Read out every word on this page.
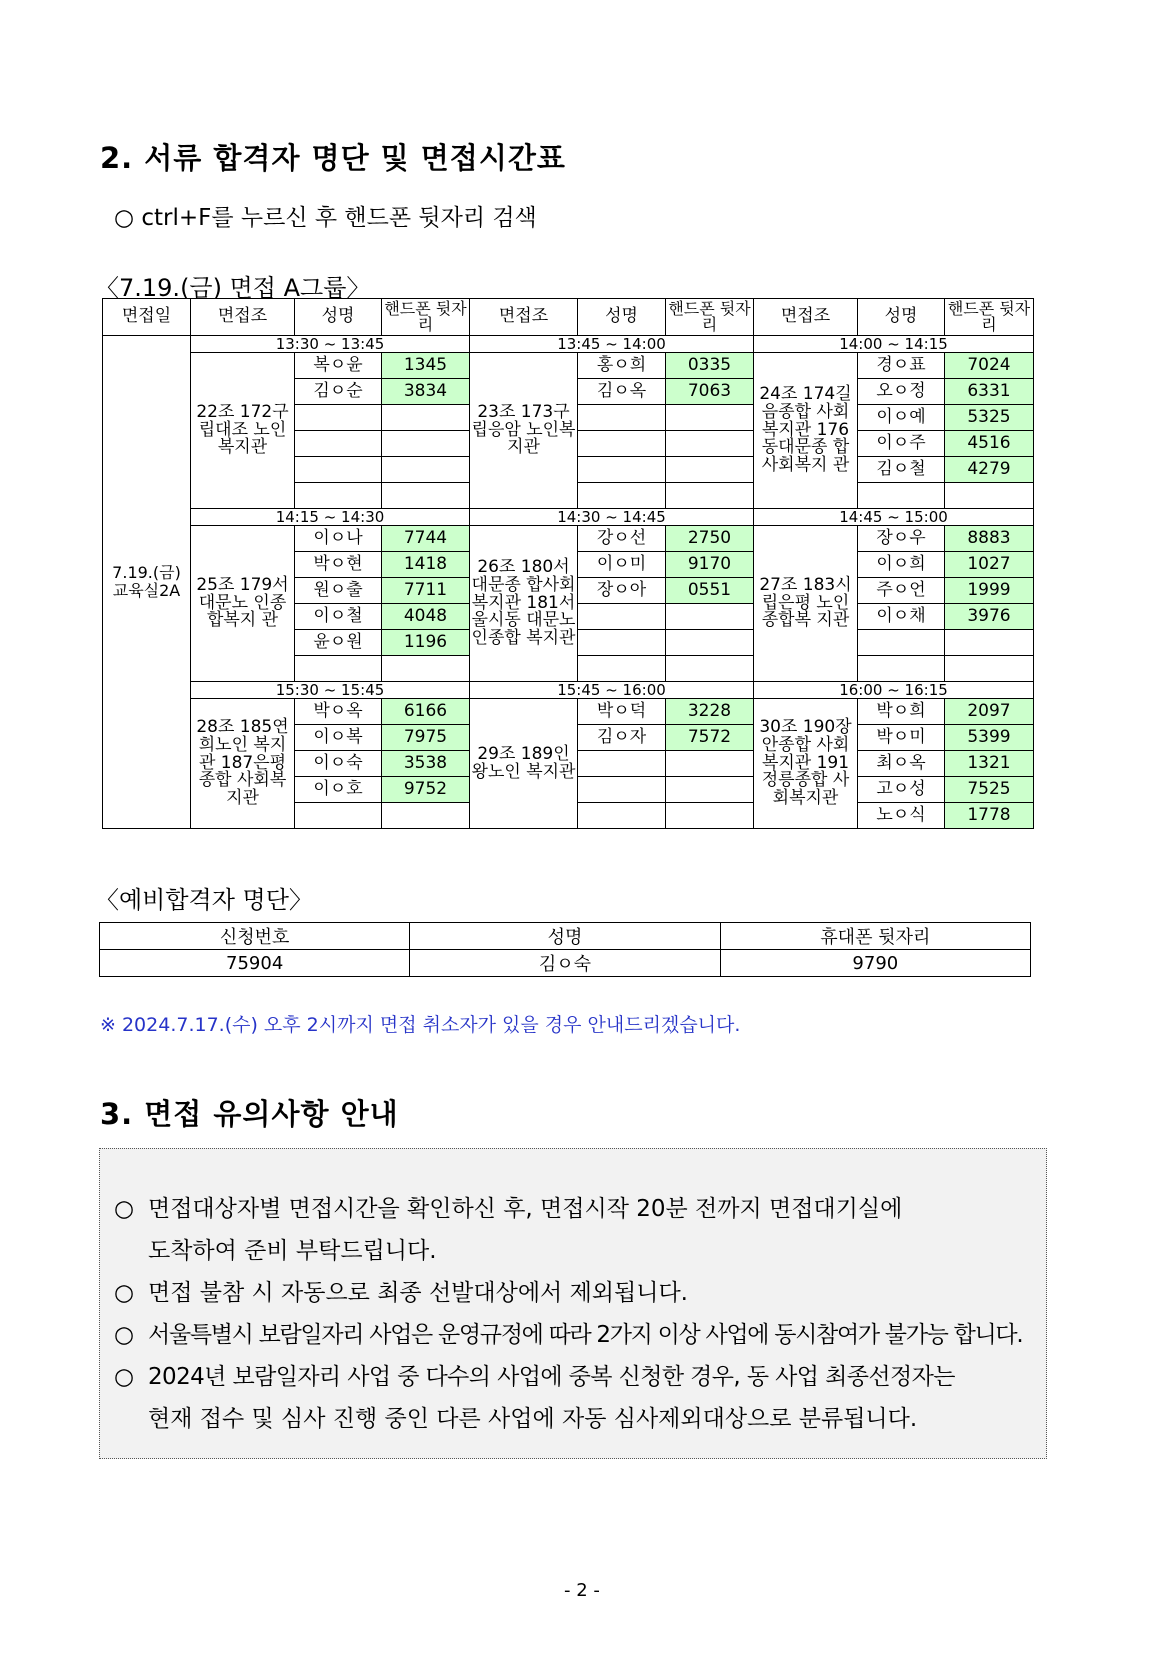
2. 서류 합격자 명단 및 면접시간표
○ ctrl+F를 누르신 후 핸드폰 뒷자리 검색
〈7.19.(금) 면접 A그룹〉
면접일	면접조	성명	핸드폰 뒷자리	면접조	성명	핸드폰 뒷자리	면접조	성명	핸드폰 뒷자리
7.19.(금) 교육실2A	13:30 ~ 13:45			13:45 ~ 14:00			14:00 ~ 14:15		
	22조 172구립대조 노인복지관	복ㅇ윤	1345	23조 173구립응암 노인복지관	홍ㅇ희	0335	24조 174길음종합 사회복지관 176동대문종 합사회복지 관	경ㅇ표	7024
		김ㅇ순	3834		김ㅇ옥	7063		오ㅇ정	6331
								이ㅇ예	5325
								이ㅇ주	4516
								김ㅇ철	4279

	14:15 ~ 14:30			14:30 ~ 14:45			14:45 ~ 15:00		
	25조 179서대문노 인종합복지 관	이ㅇ나	7744	26조 180서대문종 합사회복지관 181서울시동 대문노인종합 복지관	강ㅇ선	2750	27조 183시립은평 노인종합복 지관	장ㅇ우	8883
		박ㅇ현	1418		이ㅇ미	9170		이ㅇ희	1027
		원ㅇ출	7711		장ㅇ아	0551		주ㅇ언	1999
		이ㅇ철	4048					이ㅇ채	3976
		윤ㅇ원	1196						

	15:30 ~ 15:45			15:45 ~ 16:00			16:00 ~ 16:15		
	28조 185연희노인 복지관 187은평종합 사회복지관	박ㅇ옥	6166	29조 189인왕노인 복지관	박ㅇ덕	3228	30조 190장안종합 사회복지관 191정릉종합 사회복지관	박ㅇ희	2097
		이ㅇ복	7975		김ㅇ자	7572		박ㅇ미	5399
		이ㅇ숙	3538					최ㅇ옥	1321
		이ㅇ호	9752					고ㅇ성	7525
								노ㅇ식	1778
〈예비합격자 명단〉
신청번호	성명	휴대폰 뒷자리
75904	김ㅇ숙	9790
※ 2024.7.17.(수) 오후 2시까지 면접 취소자가 있을 경우 안내드리겠습니다.
3. 면접 유의사항 안내
○ 면접대상자별 면접시간을 확인하신 후, 면접시작 20분 전까지 면접대기실에
도착하여 준비 부탁드립니다.
○ 면접 불참 시 자동으로 최종 선발대상에서 제외됩니다.
○ 서울특별시 보람일자리 사업은 운영규정에 따라 2가지 이상 사업에 동시참여가 불가능 합니다.
○ 2024년 보람일자리 사업 중 다수의 사업에 중복 신청한 경우, 동 사업 최종선정자는
현재 접수 및 심사 진행 중인 다른 사업에 자동 심사제외대상으로 분류됩니다.
- 2 -
